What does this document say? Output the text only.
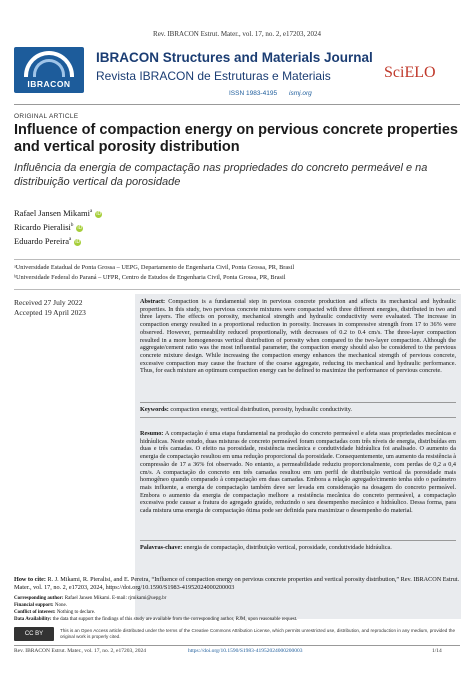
Rev. IBRACON Estrut. Mater., vol. 17, no. 2, e17203, 2024
IBRACON
IBRACON Structures and Materials Journal
Revista IBRACON de Estruturas e Materiais
ISSN 1983-4195 ismj.org
SciELO
ORIGINAL ARTICLE
Influence of compaction energy on pervious concrete properties and vertical porosity distribution
Influência da energia de compactação nas propriedades do concreto permeável e na distribuição vertical da porosidade
Rafael Jansen Mikami$^a$ iD
Ricardo Pieralisi$^b$ iD
Eduardo Pereira$^a$ iD
ᵃUniversidade Estadual de Ponta Grossa – UEPG, Departamento de Engenharia Civil, Ponta Grossa, PR, Brasil
ᵇUniversidade Federal do Paraná – UFPR, Centro de Estudos de Engenharia Civil, Ponta Grossa, PR, Brasil
Received 27 July 2022
Accepted 19 April 2023
Abstract: Compaction is a fundamental step in pervious concrete production and affects its mechanical and hydraulic properties. In this study, two pervious concrete mixtures were compacted with three different energies, distributed in two and three layers. The effects on porosity, mechanical strength and hydraulic conductivity were evaluated. The increase in compaction energy resulted in a proportional reduction in porosity. Increases in compressive strength from 17 to 36% were observed. However, permeability reduced proportionally, with decreases of 0.2 to 0.4 cm/s. The three-layer compaction resulted in a more homogeneous vertical distribution of porosity when compared to the two-layer compaction. Although the aggregate/cement ratio was the most influential parameter, the compaction energy should also be considered to the pervious concrete mixture design. While increasing the compaction energy enhances the mechanical strength of pervious concrete, excessive compaction may cause the fracture of the coarse aggregate, reducing its mechanical and hydraulic performance. Thus, for each mixture an optimum compaction energy can be defined to maximize the performance of pervious concrete.
Keywords: compaction energy, vertical distribution, porosity, hydraulic conductivity.
Resumo: A compactação é uma etapa fundamental na produção do concreto permeável e afeta suas propriedades mecânicas e hidráulicas. Neste estudo, duas misturas de concreto permeável foram compactadas com três níveis de energia, distribuídas em duas e três camadas. O efeito na porosidade, resistência mecânica e condutividade hidráulica foi analisado. O aumento da energia de compactação resultou em uma redução proporcional da porosidade. Consequentemente, um aumento da resistência à compressão de 17 a 36% foi observado. No entanto, a permeabilidade reduziu proporcionalmente, com perdas de 0,2 a 0,4 cm/s. A compactação do concreto em três camadas resultou em um perfil de distribuição vertical da porosidade mais homogêneo quando comparado à compactação em duas camadas. Embora a relação agregado/cimento tenha sido o parâmetro mais influente, a energia de compactação também deve ser levada em consideração na dosagem do concreto permeável. Embora o aumento da energia de compactação melhore a resistência mecânica do concreto permeável, a compactação excessiva pode causar a fratura do agregado graúdo, reduzindo o seu desempenho mecânico e hidráulico. Dessa forma, para cada mistura uma energia de compactação ótima pode ser definida para maximizar o desempenho do material.
Palavras-chave: energia de compactação, distribuição vertical, porosidade, condutividade hidráulica.
How to cite: R. J. Mikami, R. Pieralisi, and E. Pereira, “Influence of compaction energy on pervious concrete properties and vertical porosity distribution,” Rev. IBRACON Estrut. Mater., vol. 17, no. 2, e17203, 2024, https://doi.org/10.1590/S1983-41952024000200003
Corresponding author: Rafael Jansen Mikami. E-mail: rjmikami@uepg.br
Financial support: None.
Conflict of interest: Nothing to declare.
Data Availability: the data that support the findings of this study are available from the corresponding author, RJM, upon reasonable request.
CC BY
This is an Open Access article distributed under the terms of the Creative Commons Attribution License, which permits unrestricted use, distribution, and reproduction in any medium, provided the original work is properly cited.
Rev. IBRACON Estrut. Mater., vol. 17, no. 2, e17203, 2024	https://doi.org/10.1590/S1983-41952024000200003	1/14
